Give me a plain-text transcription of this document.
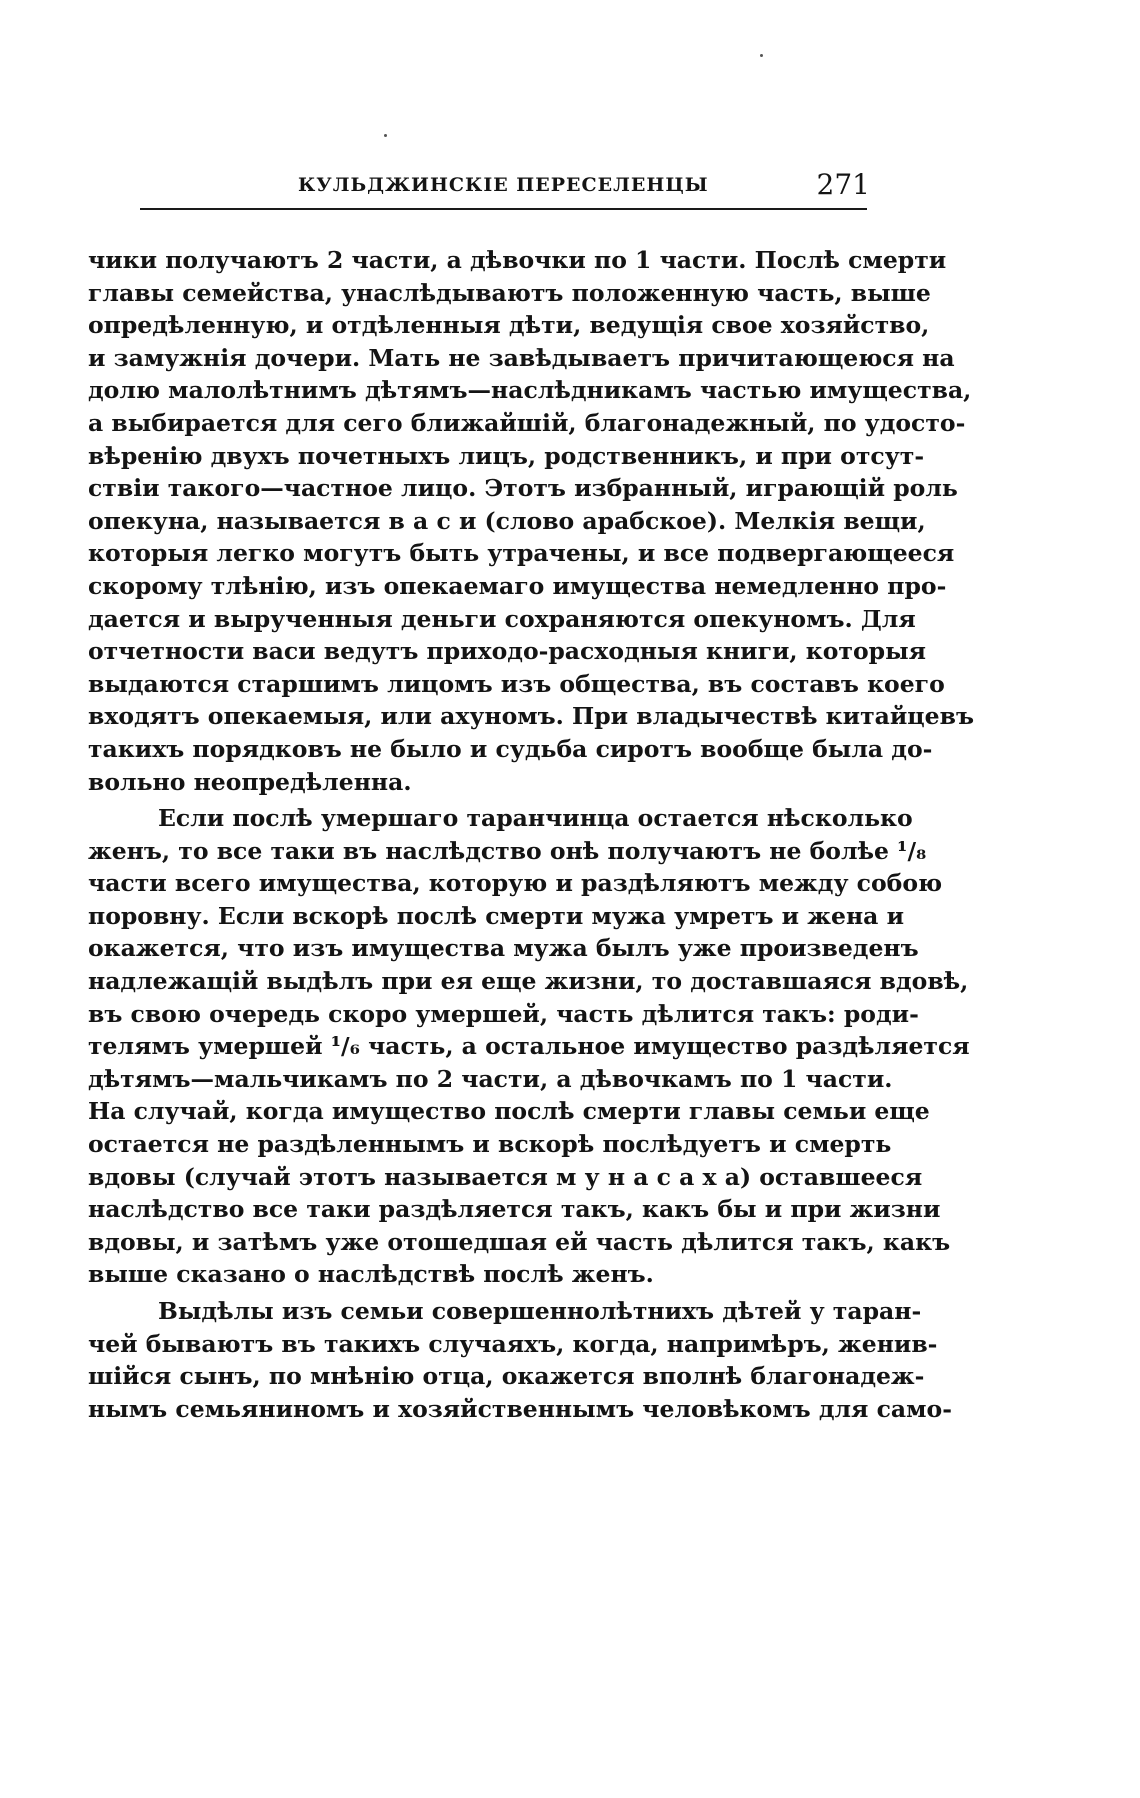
КУЛЬДЖИНСКІЕ ПЕРЕСЕЛЕНЦЫ	271
чики получаютъ 2 части, а дѣвочки по 1 части. Послѣ смерти
главы семейства, унаслѣдываютъ положенную часть, выше
опредѣленную, и отдѣленныя дѣти, ведущія свое хозяйство,
и замужнія дочери. Мать не завѣдываетъ причитающеюся на
долю малолѣтнимъ дѣтямъ—наслѣдникамъ частью имущества,
а выбирается для сего ближайшій, благонадежный, по удосто-
вѣренію двухъ почетныхъ лицъ, родственникъ, и при отсут-
ствіи такого—частное лицо. Этотъ избранный, играющій роль
опекуна, называется в а с и (слово арабское). Мелкія вещи,
которыя легко могутъ быть утрачены, и все подвергающееся
скорому тлѣнію, изъ опекаемаго имущества немедленно про-
дается и вырученныя деньги сохраняются опекуномъ. Для
отчетности васи ведутъ приходо-расходныя книги, которыя
выдаются старшимъ лицомъ изъ общества, въ составъ коего
входятъ опекаемыя, или ахуномъ. При владычествѣ китайцевъ
такихъ порядковъ не было и судьба сиротъ вообще была до-
вольно неопредѣленна.
Если послѣ умершаго таранчинца остается нѣсколько
женъ, то все таки въ наслѣдство онѣ получаютъ не болѣе ¹/₈
части всего имущества, которую и раздѣляютъ между собою
поровну. Если вскорѣ послѣ смерти мужа умретъ и жена и
окажется, что изъ имущества мужа былъ уже произведенъ
надлежащій выдѣлъ при ея еще жизни, то доставшаяся вдовѣ,
въ свою очередь скоро умершей, часть дѣлится такъ: роди-
телямъ умершей ¹/₆ часть, а остальное имущество раздѣляется
дѣтямъ—мальчикамъ по 2 части, а дѣвочкамъ по 1 части.
На случай, когда имущество послѣ смерти главы семьи еще
остается не раздѣленнымъ и вскорѣ послѣдуетъ и смерть
вдовы (случай этотъ называется м у н а с а х а) оставшееся
наслѣдство все таки раздѣляется такъ, какъ бы и при жизни
вдовы, и затѣмъ уже отошедшая ей часть дѣлится такъ, какъ
выше сказано о наслѣдствѣ послѣ женъ.
Выдѣлы изъ семьи совершеннолѣтнихъ дѣтей у таран-
чей бываютъ въ такихъ случаяхъ, когда, напримѣръ, женив-
шійся сынъ, по мнѣнію отца, окажется вполнѣ благонадеж-
нымъ семьяниномъ и хозяйственнымъ человѣкомъ для само-
